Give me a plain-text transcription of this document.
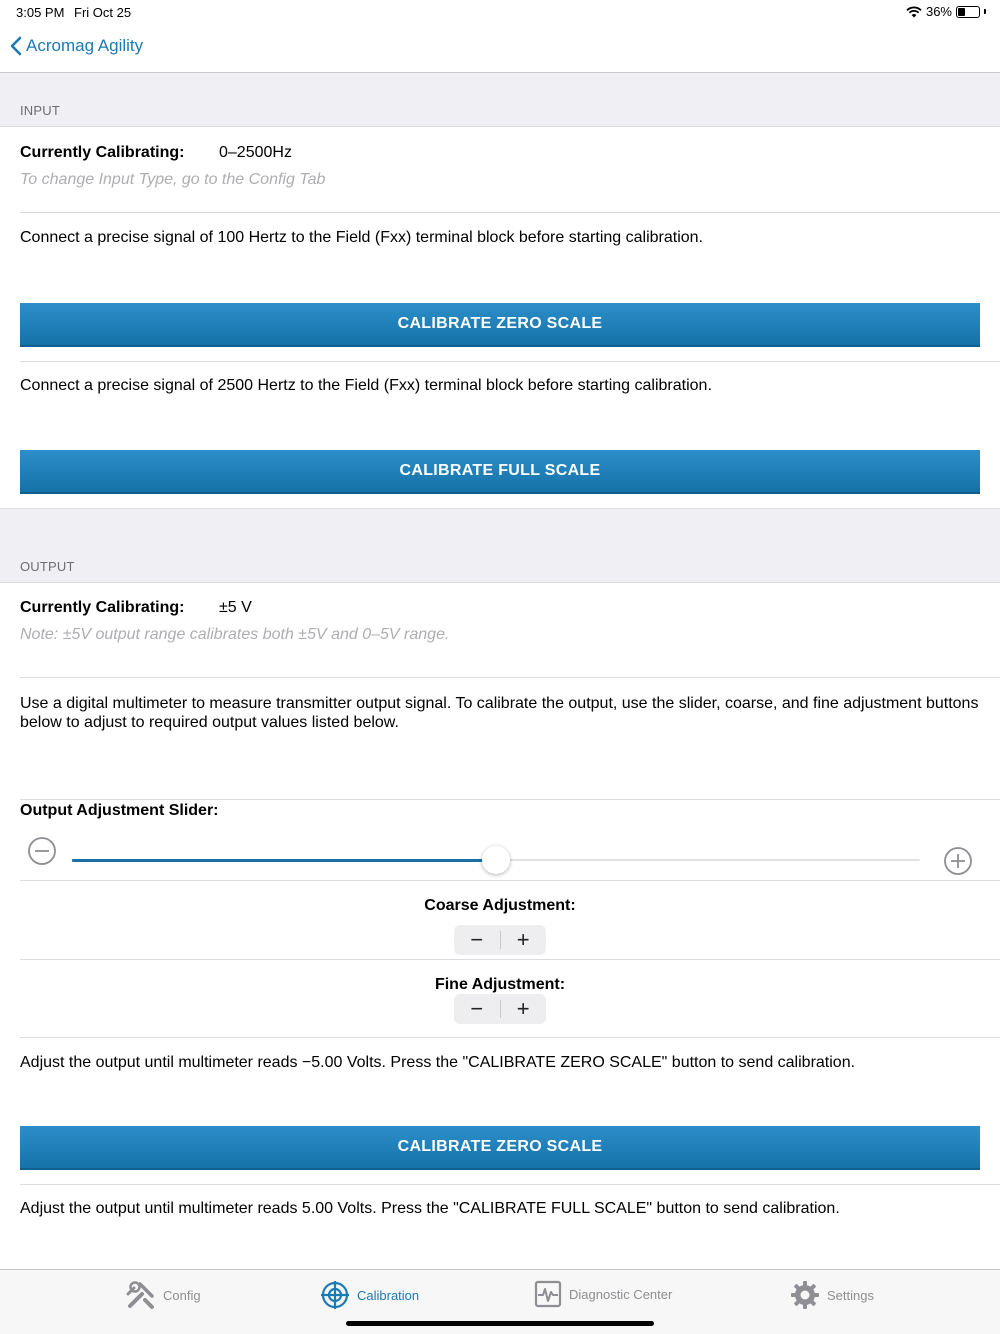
3:05 PM Fri Oct 25	36%
Acromag Agility
INPUT
Currently Calibrating: 0–2500Hz
To change Input Type, go to the Config Tab
Connect a precise signal of 100 Hertz to the Field (Fxx) terminal block before starting calibration.
CALIBRATE ZERO SCALE
Connect a precise signal of 2500 Hertz to the Field (Fxx) terminal block before starting calibration.
CALIBRATE FULL SCALE
OUTPUT
Currently Calibrating: ±5 V
Note: ±5V output range calibrates both ±5V and 0–5V range.
Use a digital multimeter to measure transmitter output signal. To calibrate the output, use the slider, coarse, and fine adjustment buttons below to adjust to required output values listed below.
Output Adjustment Slider:
Coarse Adjustment:
−	+
Fine Adjustment:
−	+
Adjust the output until multimeter reads −5.00 Volts. Press the "CALIBRATE ZERO SCALE" button to send calibration.
CALIBRATE ZERO SCALE
Adjust the output until multimeter reads 5.00 Volts. Press the "CALIBRATE FULL SCALE" button to send calibration.
Config	Calibration	Diagnostic Center	Settings
